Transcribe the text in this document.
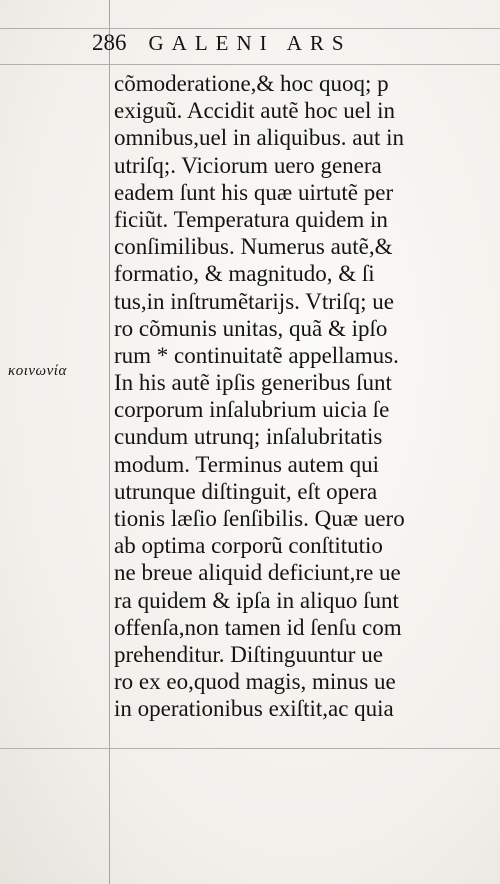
286 GALENI ARS
κοινωνία
cõmoderatione,& hoc quoq; p
exiguũ. Accidit autẽ hoc uel in
omnibus,uel in aliquibus. aut in
utriſq;. Viciorum uero genera
eadem ſunt his quæ uirtutẽ per
ficiũt. Temperatura quidem in
conſimilibus. Numerus autẽ,&
formatio, & magnitudo, & ſi
tus,in inſtrumẽtarijs. Vtriſq; ue
ro cõmunis unitas, quã & ipſo
rum * continuitatẽ appellamus.
In his autẽ ipſis generibus ſunt
corporum inſalubrium uicia ſe
cundum utrunq; inſalubritatis
modum. Terminus autem qui
utrunque diſtinguit, eſt opera
tionis læſio ſenſibilis. Quæ uero
ab optima corporũ conſtitutio
ne breue aliquid deficiunt,re ue
ra quidem & ipſa in aliquo ſunt
offenſa,non tamen id ſenſu com
prehenditur. Diſtinguuntur ue
ro ex eo,quod magis, minus ue
in operationibus exiſtit,ac quia
